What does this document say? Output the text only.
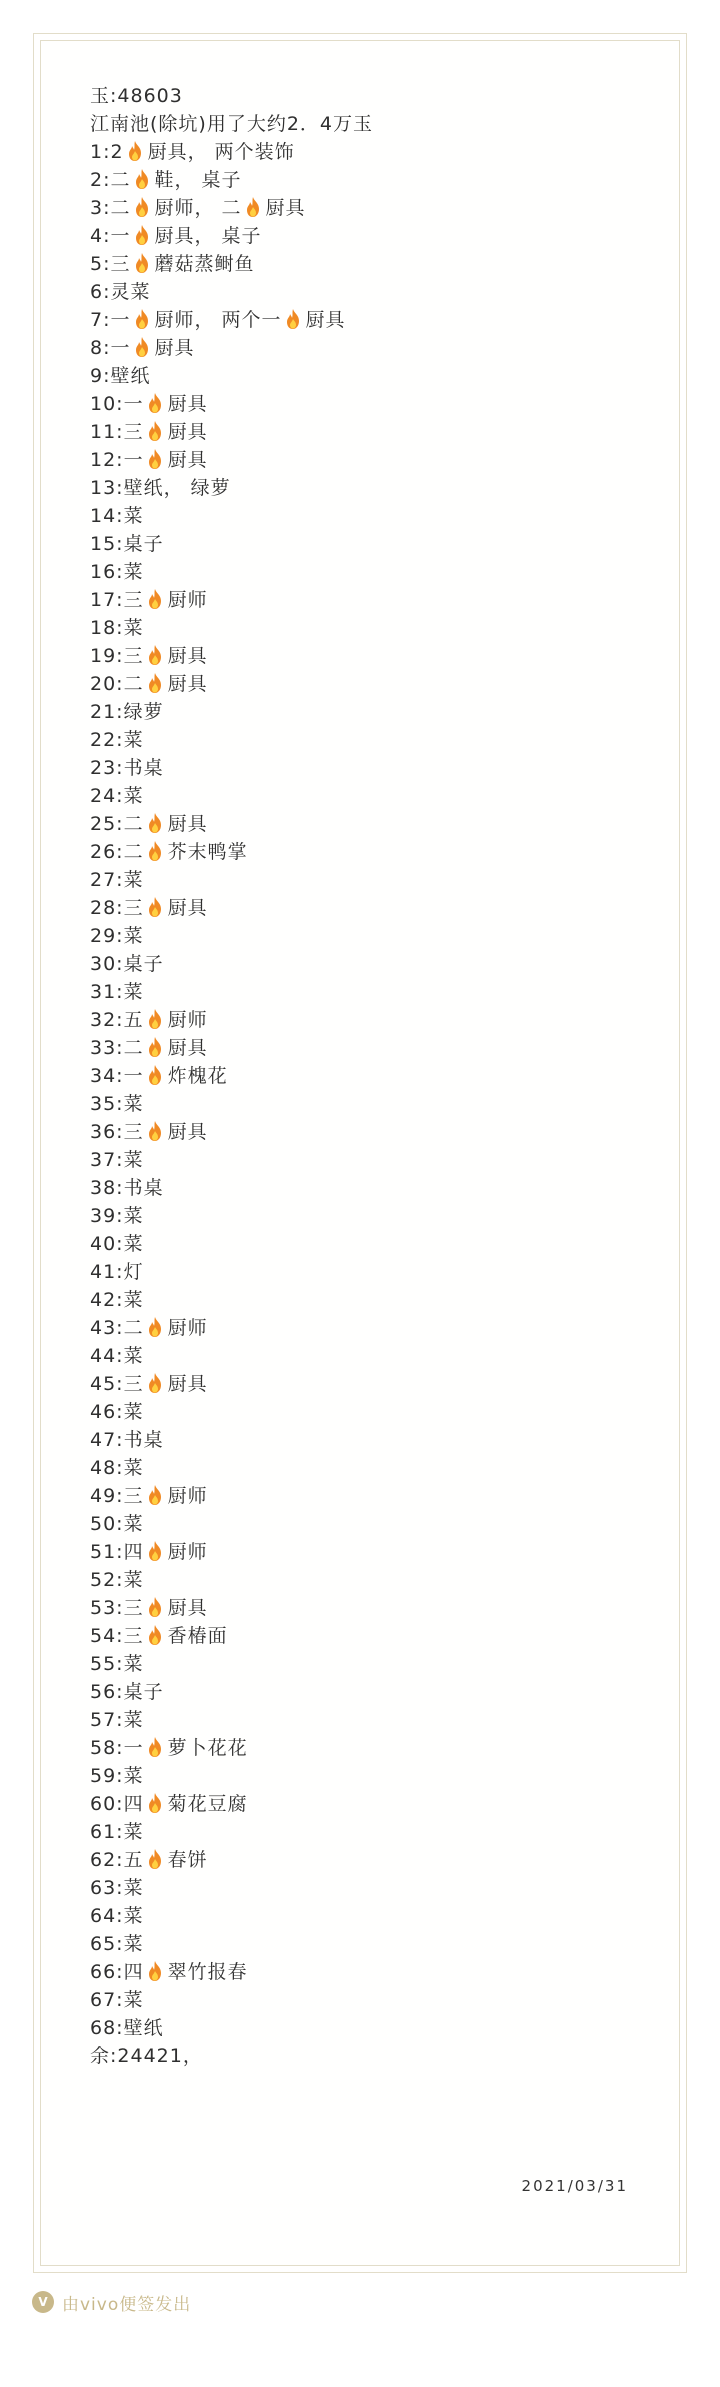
玉:48603
江南池(除坑)用了大约2．4万玉
1:2 厨具， 两个装饰
2:二 鞋， 桌子
3:二 厨师， 二 厨具
4:一 厨具， 桌子
5:三 蘑菇蒸鲥鱼
6:灵菜
7:一 厨师， 两个一 厨具
8:一 厨具
9:壁纸
10:一 厨具
11:三 厨具
12:一 厨具
13:壁纸， 绿萝
14:菜
15:桌子
16:菜
17:三 厨师
18:菜
19:三 厨具
20:二 厨具
21:绿萝
22:菜
23:书桌
24:菜
25:二 厨具
26:二 芥末鸭掌
27:菜
28:三 厨具
29:菜
30:桌子
31:菜
32:五 厨师
33:二 厨具
34:一 炸槐花
35:菜
36:三 厨具
37:菜
38:书桌
39:菜
40:菜
41:灯
42:菜
43:二 厨师
44:菜
45:三 厨具
46:菜
47:书桌
48:菜
49:三 厨师
50:菜
51:四 厨师
52:菜
53:三 厨具
54:三 香椿面
55:菜
56:桌子
57:菜
58:一 萝卜花花
59:菜
60:四 菊花豆腐
61:菜
62:五 春饼
63:菜
64:菜
65:菜
66:四 翠竹报春
67:菜
68:壁纸
余:24421，
2021/03/31
V 由vivo便签发出
